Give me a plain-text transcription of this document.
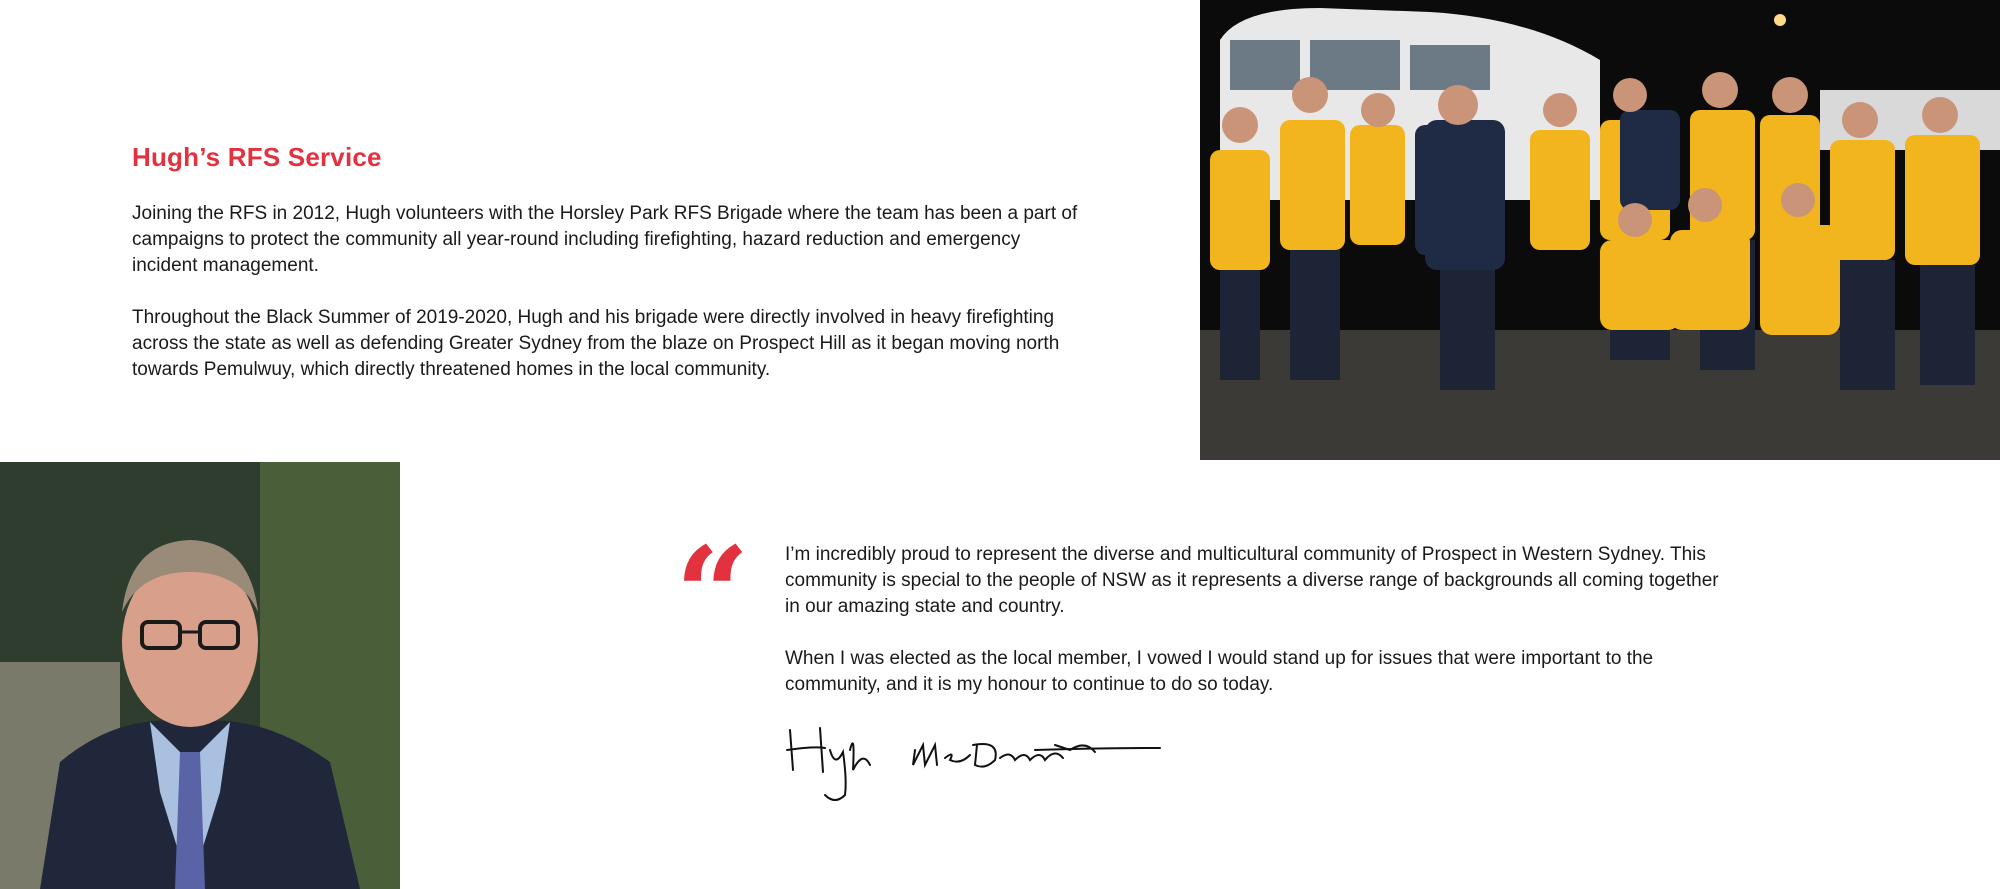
Hugh’s RFS Service

Joining the RFS in 2012, Hugh volunteers with the Horsley Park RFS Brigade where the team has been a part of campaigns to protect the community all year-round including firefighting, hazard reduction and emergency incident management.

Throughout the Black Summer of 2019-2020, Hugh and his brigade were directly involved in heavy firefighting across the state as well as defending Greater Sydney from the blaze on Prospect Hill as it began moving north towards Pemulwuy, which directly threatened homes in the local community.

“ I’m incredibly proud to represent the diverse and multicultural community of Prospect in Western Sydney. This community is special to the people of NSW as it represents a diverse range of backgrounds all coming together in our amazing state and country.

When I was elected as the local member, I vowed I would stand up for issues that were important to the community, and it is my honour to continue to do so today.
